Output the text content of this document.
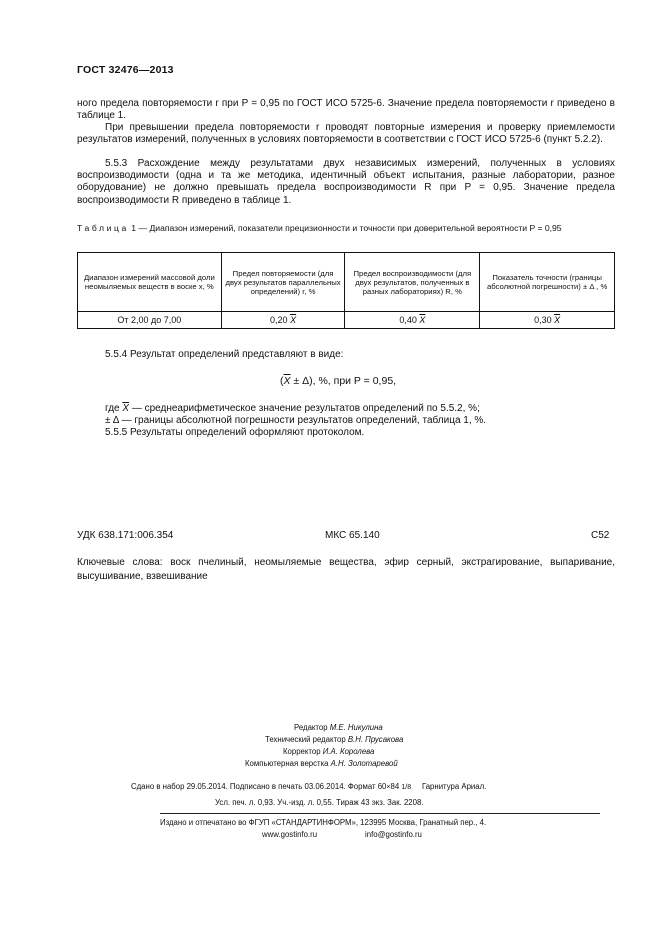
ГОСТ 32476—2013
ного предела повторяемости r при P = 0,95 по ГОСТ ИСО 5725-6. Значение предела повторяемости r приведено в таблице 1.
При превышении предела повторяемости r проводят повторные измерения и проверку приемлемости результатов измерений, полученных в условиях повторяемости в соответствии с ГОСТ ИСО 5725-6 (пункт 5.2.2).
5.5.3 Расхождение между результатами двух независимых измерений, полученных в условиях воспроизводимости (одна и та же методика, идентичный объект испытания, разные лаборатории, разное оборудование) не должно превышать предела воспроизводимости R при P = 0,95. Значение предела воспроизводимости R приведено в таблице 1.
Таблица 1 — Диапазон измерений, показатели прецизионности и точности при доверительной вероятности P = 0,95
Диапазон измерений массовой доли неомыляемых веществ в воске x, %	Предел повторяемости (для двух результатов параллельных определений) r, %	Предел воспроизводимости (для двух результатов, полученных в разных лабораториях) R, %	Показатель точности (границы абсолютной погрешности) ± Δ , %
От 2,00 до 7,00	0,20 $\overline{X}$	0,40 $\overline{X}$	0,30 $\overline{X}$
5.5.4 Результат определений представляют в виде:
$(\overline{X} \pm \Delta)$, %, при P = 0,95,
где $\overline{X}$ — среднеарифметическое значение результатов определений по 5.5.2, %;
± Δ — границы абсолютной погрешности результатов определений, таблица 1, %.
5.5.5 Результаты определений оформляют протоколом.
УДК 638.171:006.354	МКС 65.140	С52
Ключевые слова: воск пчелиный, неомыляемые вещества, эфир серный, экстрагирование, выпаривание, высушивание, взвешивание
Редактор М.Е. Никулина
Технический редактор В.Н. Прусакова
Корректор И.А. Королева
Компьютерная верстка А.Н. Золотаревой
Сдано в набор 29.05.2014. Подписано в печать 03.06.2014. Формат 60×84 1/8 Гарнитура Ариал.
Усл. печ. л. 0,93. Уч.-изд. л. 0,55. Тираж 43 экз. Зак. 2208.
Издано и отпечатано во ФГУП «СТАНДАРТИНФОРМ», 123995 Москва, Гранатный пер., 4.
www.gostinfo.ru	info@gostinfo.ru
